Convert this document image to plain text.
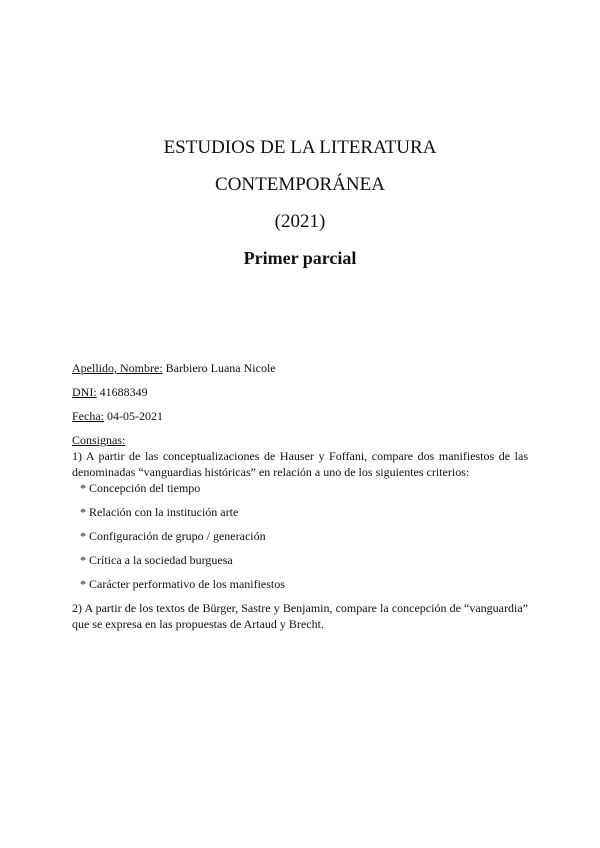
ESTUDIOS DE LA LITERATURA

CONTEMPORÁNEA

(2021)

Primer parcial

Apellido, Nombre: Barbiero Luana Nicole

DNI: 41688349

Fecha: 04-05-2021

Consignas:

1) A partir de las conceptualizaciones de Hauser y Foffani, compare dos manifiestos de las denominadas “vanguardias históricas” en relación a uno de los siguientes criterios:

* Concepción del tiempo

* Relación con la institución arte

* Configuración de grupo / generación

* Crítica a la sociedad burguesa

* Carácter performativo de los manifiestos

2) A partir de los textos de Bürger, Sastre y Benjamin, compare la concepción de “vanguardia” que se expresa en las propuestas de Artaud y Brecht.
